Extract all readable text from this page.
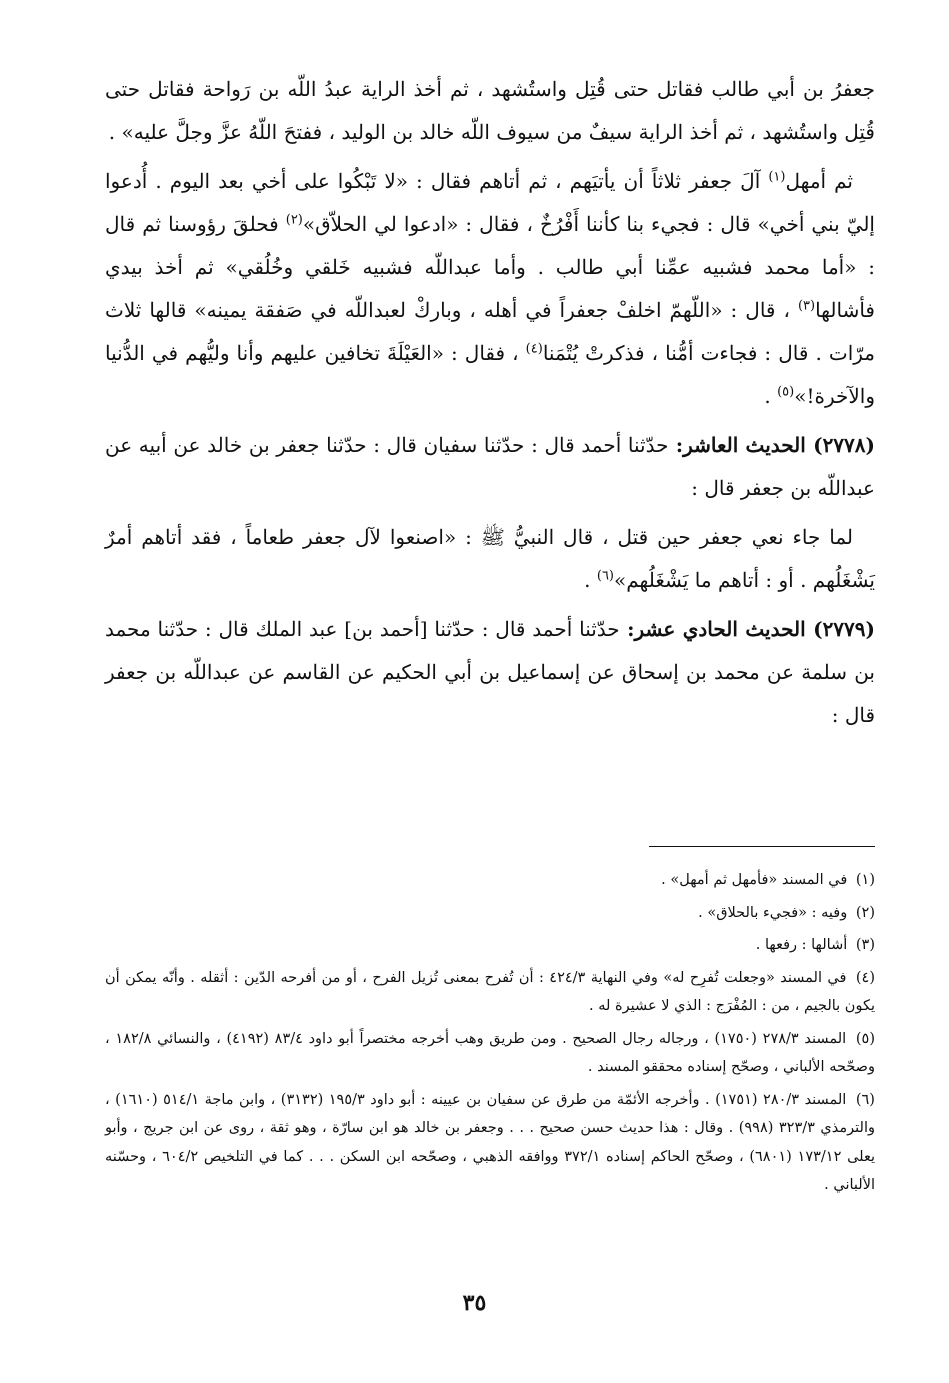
جعفرُ بن أبي طالب فقاتل حتى قُتِل واستُشهد ، ثم أخذ الراية عبدُ اللّه بن رَواحة فقاتل حتى قُتِل واستُشهد ، ثم أخذ الراية سيفٌ من سيوف اللّه خالد بن الوليد ، ففتحَ اللّهُ عزَّ وجلَّ عليه» .

ثم أمهل$^{(١)}$ آلَ جعفر ثلاثاً أن يأتيَهم ، ثم أتاهم فقال : «لا تَبْكُوا على أخي بعد اليوم . أُدعوا إليّ بني أخي» قال : فجيء بنا كأننا أَفْرُخٌ ، فقال : «ادعوا لي الحلاّق»$^{(٢)}$ فحلقَ رؤوسنا ثم قال : «أما محمد فشبيه عمِّنا أبي طالب . وأما عبداللّه فشبيه خَلقي وخُلُقي» ثم أخذ بيدي فأشالها$^{(٣)}$ ، قال : «اللّهمّ اخلفْ جعفراً في أهله ، وباركْ لعبداللّه في صَفقة يمينه» قالها ثلاث مرّات . قال : فجاءت أمُّنا ، فذكرتْ يُتْمَنا$^{(٤)}$ ، فقال : «العَيْلَةَ تخافين عليهم وأنا وليُّهم في الدُّنيا والآخرة!»$^{(٥)}$ .

(٢٧٧٨) الحديث العاشر: حدّثنا أحمد قال : حدّثنا سفيان قال : حدّثنا جعفر بن خالد عن أبيه عن عبداللّه بن جعفر قال :

لما جاء نعي جعفر حين قتل ، قال النبيُّ ﷺ : «اصنعوا لآل جعفر طعاماً ، فقد أتاهم أمرٌ يَشْغَلُهم . أو : أتاهم ما يَشْغَلُهم»$^{(٦)}$ .

(٢٧٧٩) الحديث الحادي عشر: حدّثنا أحمد قال : حدّثنا [أحمد بن] عبد الملك قال : حدّثنا محمد بن سلمة عن محمد بن إسحاق عن إسماعيل بن أبي الحكيم عن القاسم عن عبداللّه بن جعفر قال :

(١) في المسند «فأمهل ثم أمهل» .

(٢) وفيه : «فجيء بالحلاق» .

(٣) أشالها : رفعها .

(٤) في المسند «وجعلت تُفرِح له» وفي النهاية ٤٢٤/٣ : أن تُفرح بمعنى تُزيل الفرح ، أو من أفرحه الدّين : أثقله . وأنّه يمكن أن يكون بالجيم ، من : المُفْرَج : الذي لا عشيرة له .

(٥) المسند ٢٧٨/٣ (١٧٥٠) ، ورجاله رجال الصحيح . ومن طريق وهب أخرجه مختصراً أبو داود ٨٣/٤ (٤١٩٢) ، والنسائي ١٨٢/٨ ، وصحّحه الألباني ، وصحّح إسناده محققو المسند .

(٦) المسند ٢٨٠/٣ (١٧٥١) . وأخرجه الأئمّة من طرق عن سفيان بن عيينه : أبو داود ١٩٥/٣ (٣١٣٢) ، وابن ماجة ٥١٤/١ (١٦١٠) ، والترمذي ٣٢٣/٣ (٩٩٨) . وقال : هذا حديث حسن صحيح . . . وجعفر بن خالد هو ابن سارّة ، وهو ثقة ، روى عن ابن جريج ، وأبو يعلى ١٧٣/١٢ (٦٨٠١) ، وصحّح الحاكم إسناده ٣٧٢/١ ووافقه الذهبي ، وصحّحه ابن السكن . . . كما في التلخيص ٦٠٤/٢ ، وحسّنه الألباني .

٣٥
